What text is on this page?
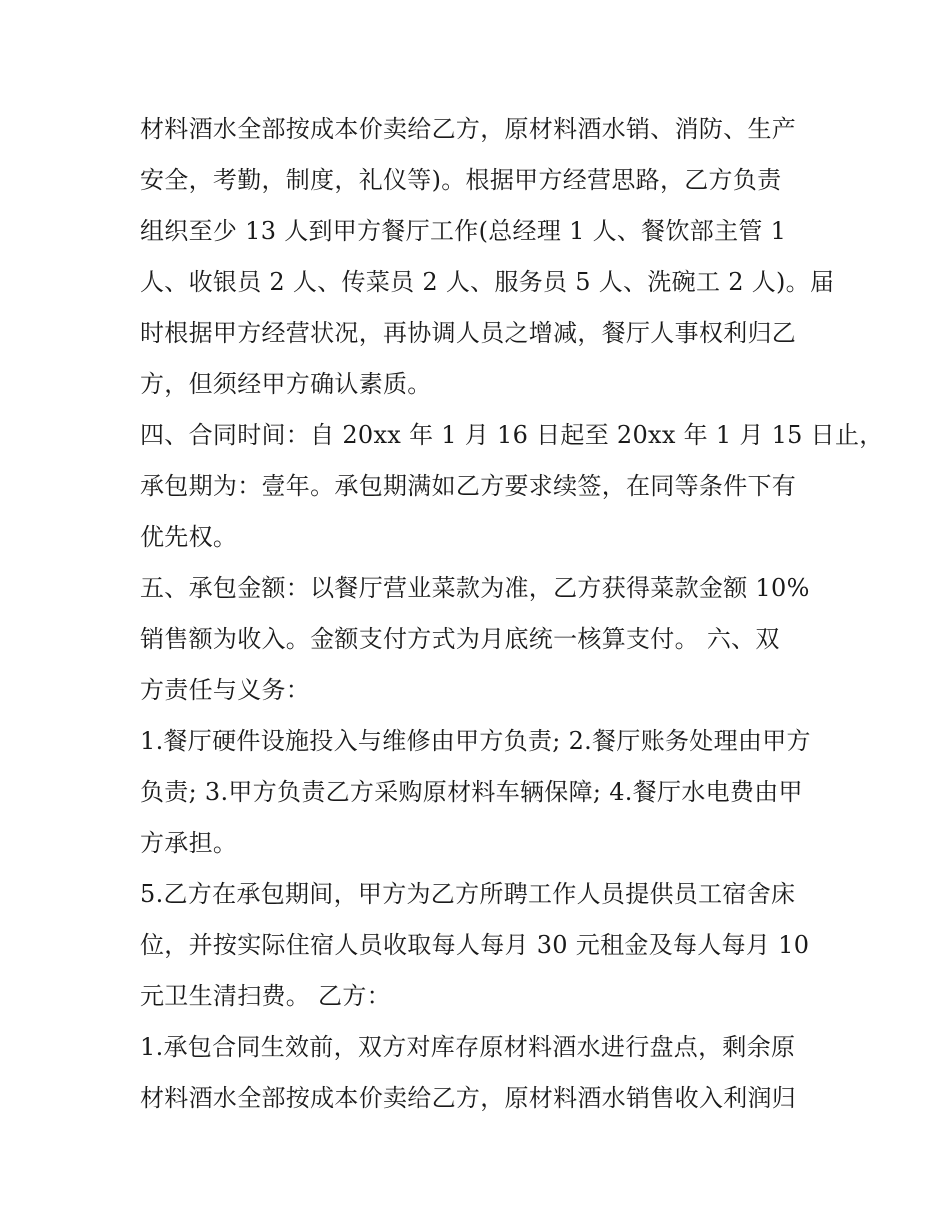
材料酒水全部按成本价卖给乙方，原材料酒水销、消防、生产
安全，考勤，制度，礼仪等)。根据甲方经营思路，乙方负责
组织至少 13 人到甲方餐厅工作(总经理 1 人、餐饮部主管 1
人、收银员 2 人、传菜员 2 人、服务员 5 人、洗碗工 2 人)。届
时根据甲方经营状况，再协调人员之增减，餐厅人事权利归乙
方，但须经甲方确认素质。
四、合同时间：自 20xx 年 1 月 16 日起至 20xx 年 1 月 15 日止，
承包期为：壹年。承包期满如乙方要求续签，在同等条件下有
优先权。
五、承包金额：以餐厅营业菜款为准，乙方获得菜款金额 10%
销售额为收入。金额支付方式为月底统一核算支付。 六、双
方责任与义务：
1.餐厅硬件设施投入与维修由甲方负责; 2.餐厅账务处理由甲方
负责; 3.甲方负责乙方采购原材料车辆保障; 4.餐厅水电费由甲
方承担。
5.乙方在承包期间，甲方为乙方所聘工作人员提供员工宿舍床
位，并按实际住宿人员收取每人每月 30 元租金及每人每月 10
元卫生清扫费。 乙方：
1.承包合同生效前，双方对库存原材料酒水进行盘点，剩余原
材料酒水全部按成本价卖给乙方，原材料酒水销售收入利润归
